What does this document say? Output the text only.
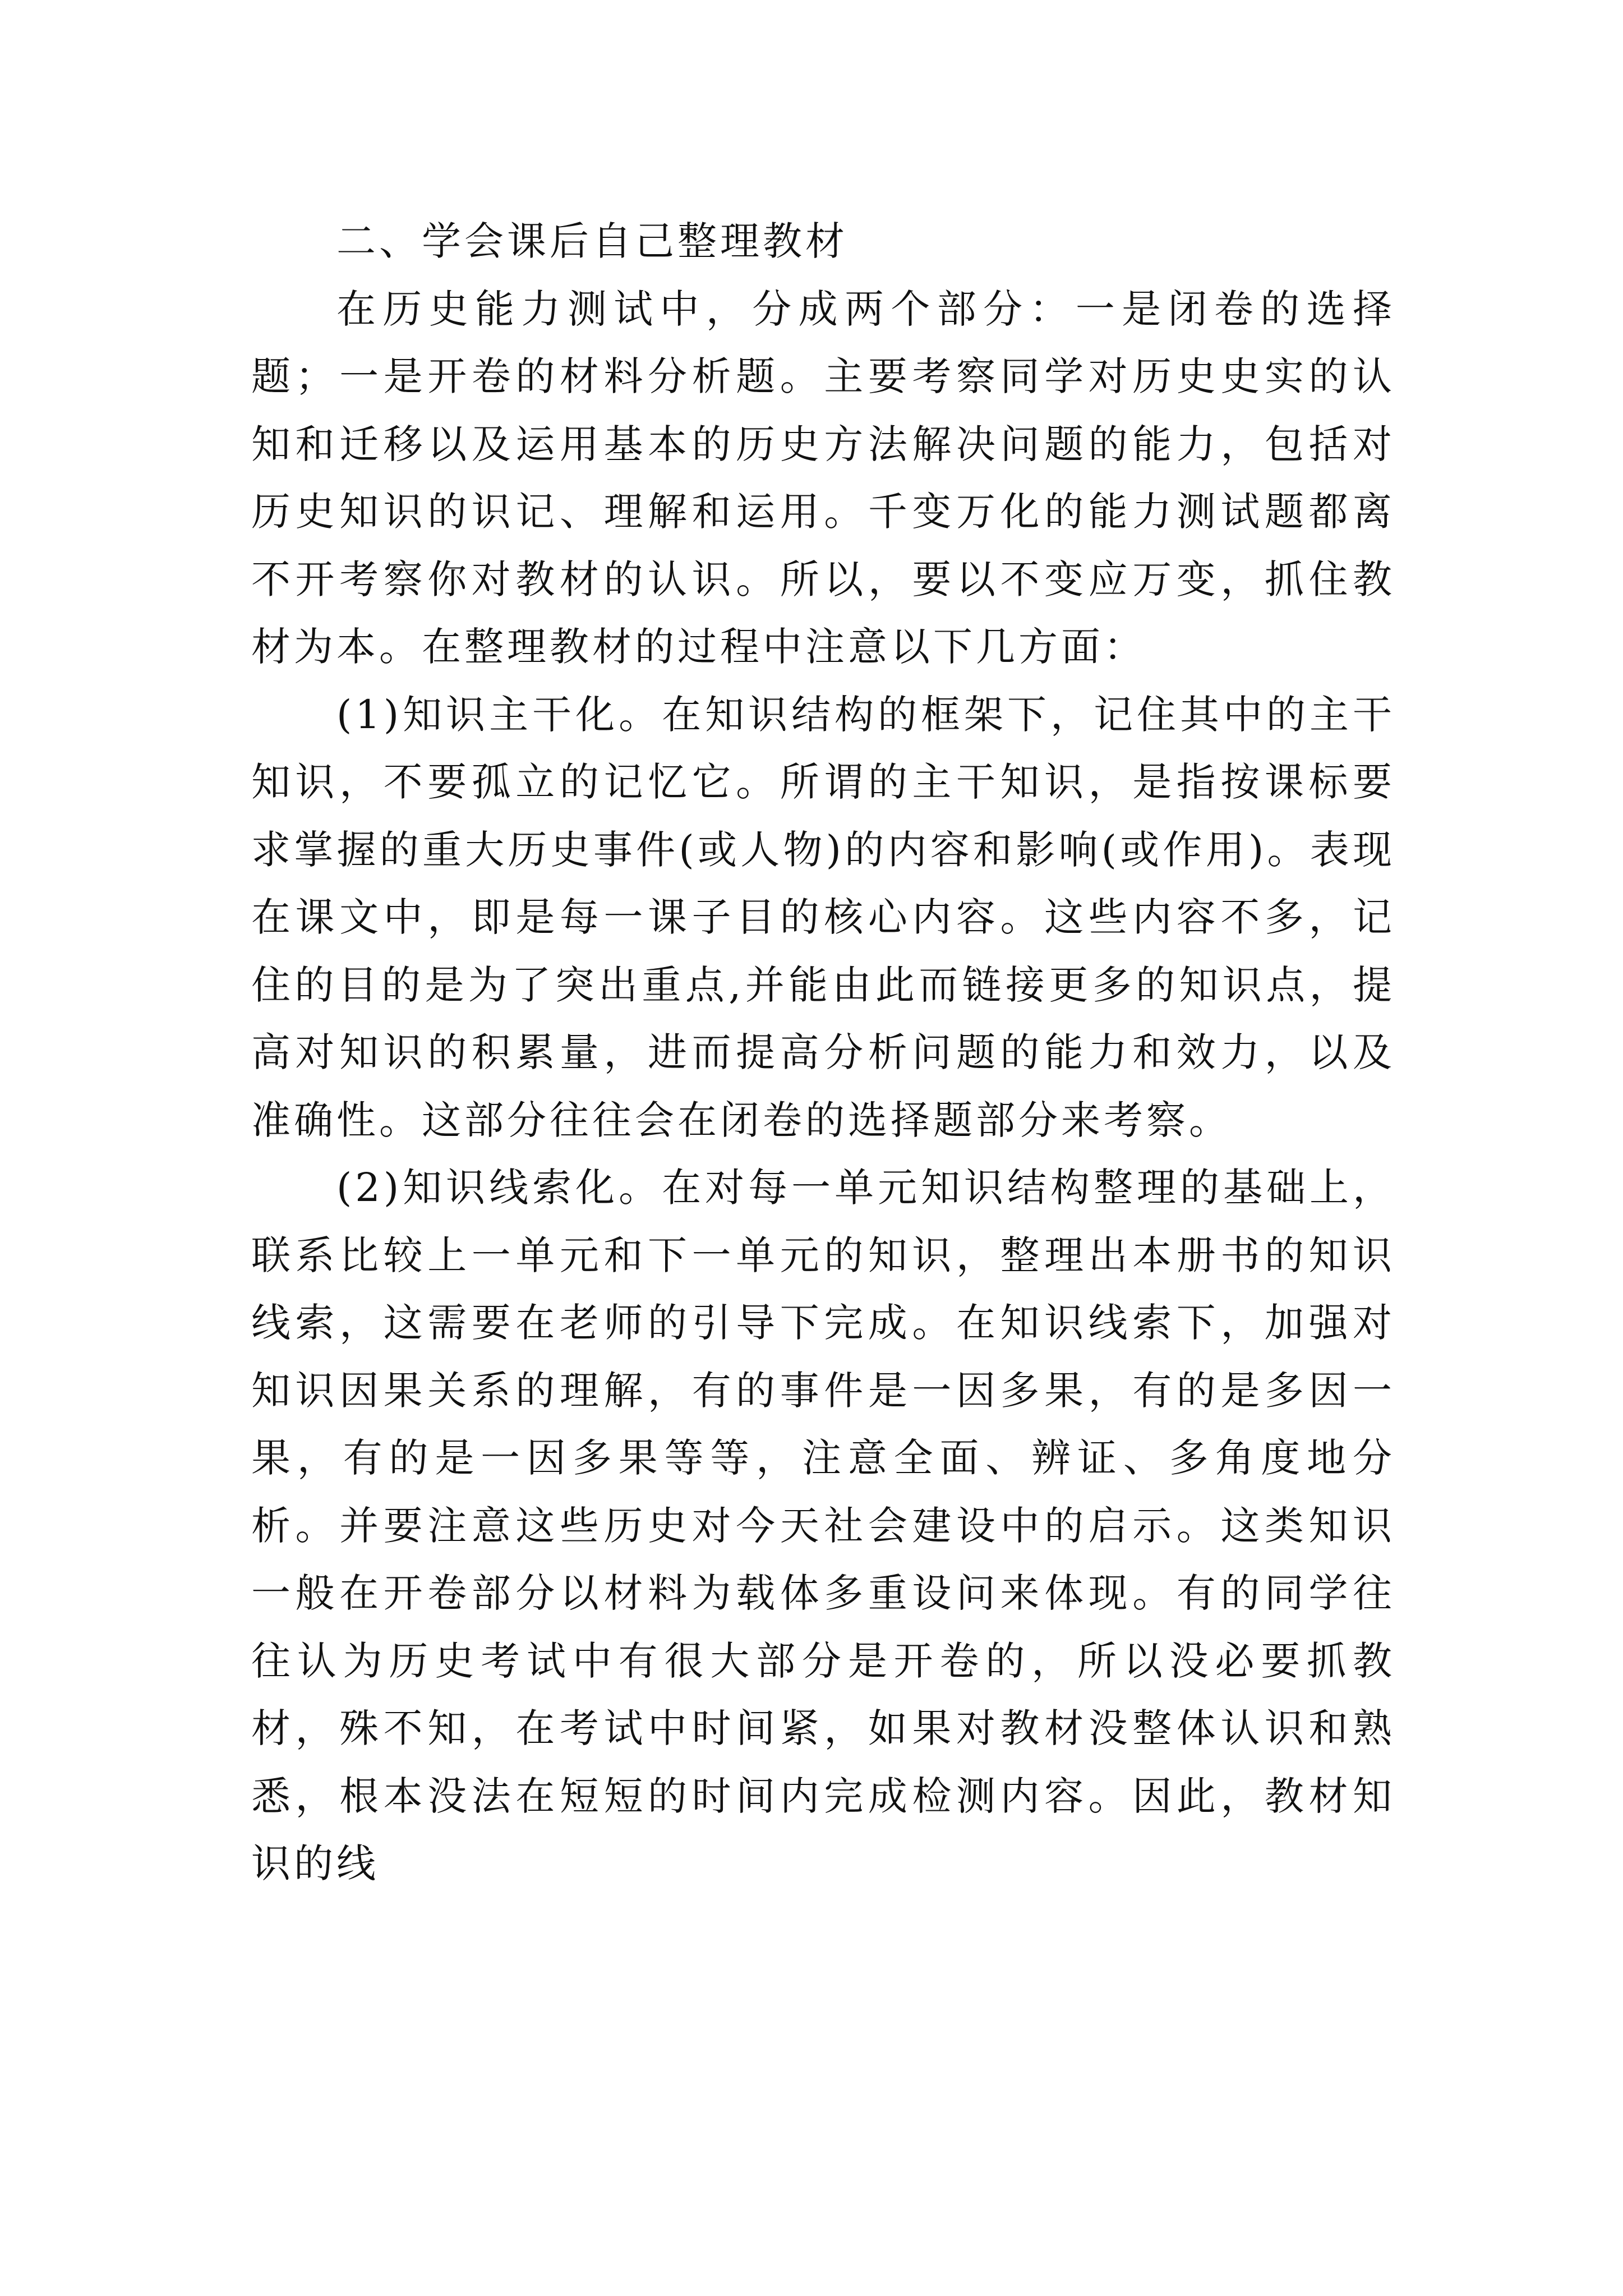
二、学会课后自己整理教材

在历史能力测试中，分成两个部分：一是闭卷的选择题；一是开卷的材料分析题。主要考察同学对历史史实的认知和迁移以及运用基本的历史方法解决问题的能力，包括对历史知识的识记、理解和运用。千变万化的能力测试题都离不开考察你对教材的认识。所以，要以不变应万变，抓住教材为本。在整理教材的过程中注意以下几方面：

(1)知识主干化。在知识结构的框架下，记住其中的主干知识，不要孤立的记忆它。所谓的主干知识，是指按课标要求掌握的重大历史事件(或人物)的内容和影响(或作用)。表现在课文中，即是每一课子目的核心内容。这些内容不多，记住的目的是为了突出重点,并能由此而链接更多的知识点，提高对知识的积累量，进而提高分析问题的能力和效力，以及准确性。这部分往往会在闭卷的选择题部分来考察。

(2)知识线索化。在对每一单元知识结构整理的基础上，联系比较上一单元和下一单元的知识，整理出本册书的知识线索，这需要在老师的引导下完成。在知识线索下，加强对知识因果关系的理解，有的事件是一因多果，有的是多因一果，有的是一因多果等等，注意全面、辨证、多角度地分析。并要注意这些历史对今天社会建设中的启示。这类知识一般在开卷部分以材料为载体多重设问来体现。有的同学往往认为历史考试中有很大部分是开卷的，所以没必要抓教材，殊不知，在考试中时间紧，如果对教材没整体认识和熟悉，根本没法在短短的时间内完成检测内容。因此，教材知识的线
